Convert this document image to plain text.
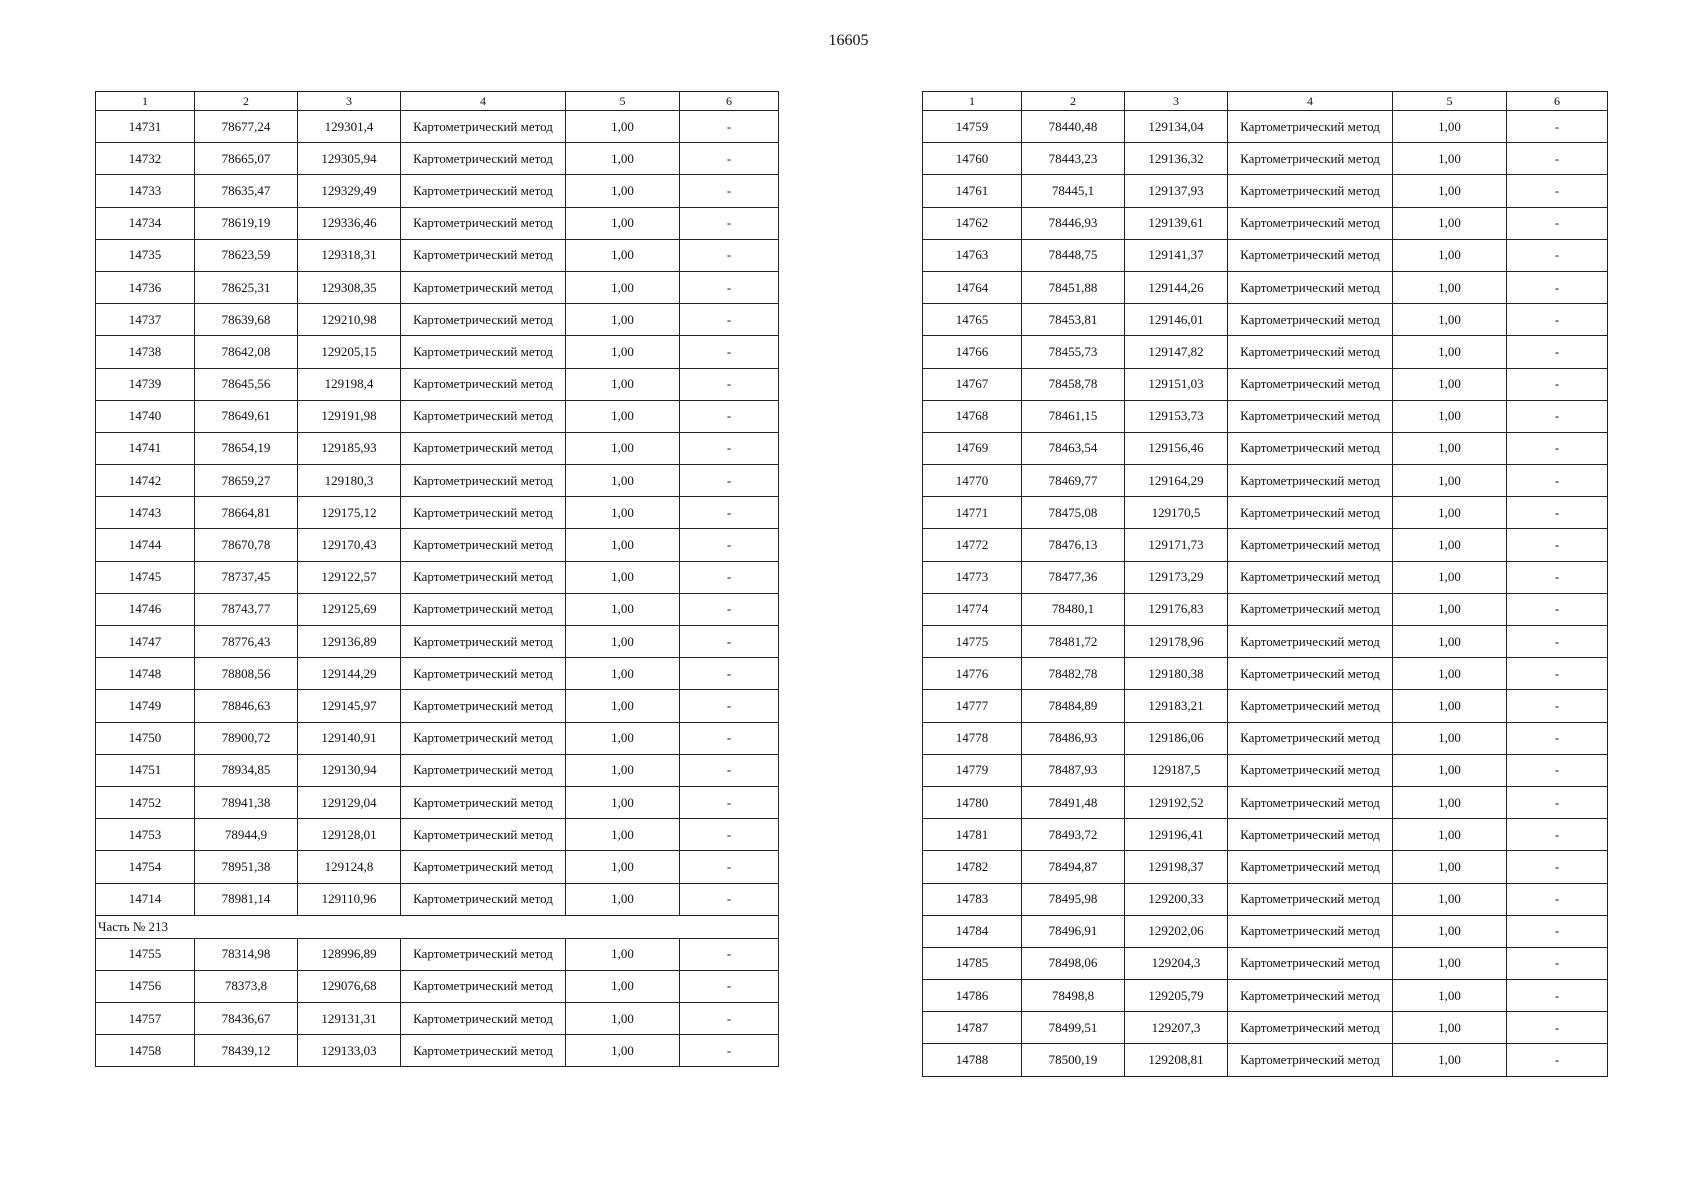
16605
1	2	3	4	5	6
14731	78677,24	129301,4	Картометрический метод	1,00	-
14732	78665,07	129305,94	Картометрический метод	1,00	-
14733	78635,47	129329,49	Картометрический метод	1,00	-
14734	78619,19	129336,46	Картометрический метод	1,00	-
14735	78623,59	129318,31	Картометрический метод	1,00	-
14736	78625,31	129308,35	Картометрический метод	1,00	-
14737	78639,68	129210,98	Картометрический метод	1,00	-
14738	78642,08	129205,15	Картометрический метод	1,00	-
14739	78645,56	129198,4	Картометрический метод	1,00	-
14740	78649,61	129191,98	Картометрический метод	1,00	-
14741	78654,19	129185,93	Картометрический метод	1,00	-
14742	78659,27	129180,3	Картометрический метод	1,00	-
14743	78664,81	129175,12	Картометрический метод	1,00	-
14744	78670,78	129170,43	Картометрический метод	1,00	-
14745	78737,45	129122,57	Картометрический метод	1,00	-
14746	78743,77	129125,69	Картометрический метод	1,00	-
14747	78776,43	129136,89	Картометрический метод	1,00	-
14748	78808,56	129144,29	Картометрический метод	1,00	-
14749	78846,63	129145,97	Картометрический метод	1,00	-
14750	78900,72	129140,91	Картометрический метод	1,00	-
14751	78934,85	129130,94	Картометрический метод	1,00	-
14752	78941,38	129129,04	Картометрический метод	1,00	-
14753	78944,9	129128,01	Картометрический метод	1,00	-
14754	78951,38	129124,8	Картометрический метод	1,00	-
14714	78981,14	129110,96	Картометрический метод	1,00	-
Часть № 213					
14755	78314,98	128996,89	Картометрический метод	1,00	-
14756	78373,8	129076,68	Картометрический метод	1,00	-
14757	78436,67	129131,31	Картометрический метод	1,00	-
14758	78439,12	129133,03	Картометрический метод	1,00	-
1	2	3	4	5	6
14759	78440,48	129134,04	Картометрический метод	1,00	-
14760	78443,23	129136,32	Картометрический метод	1,00	-
14761	78445,1	129137,93	Картометрический метод	1,00	-
14762	78446,93	129139,61	Картометрический метод	1,00	-
14763	78448,75	129141,37	Картометрический метод	1,00	-
14764	78451,88	129144,26	Картометрический метод	1,00	-
14765	78453,81	129146,01	Картометрический метод	1,00	-
14766	78455,73	129147,82	Картометрический метод	1,00	-
14767	78458,78	129151,03	Картометрический метод	1,00	-
14768	78461,15	129153,73	Картометрический метод	1,00	-
14769	78463,54	129156,46	Картометрический метод	1,00	-
14770	78469,77	129164,29	Картометрический метод	1,00	-
14771	78475,08	129170,5	Картометрический метод	1,00	-
14772	78476,13	129171,73	Картометрический метод	1,00	-
14773	78477,36	129173,29	Картометрический метод	1,00	-
14774	78480,1	129176,83	Картометрический метод	1,00	-
14775	78481,72	129178,96	Картометрический метод	1,00	-
14776	78482,78	129180,38	Картометрический метод	1,00	-
14777	78484,89	129183,21	Картометрический метод	1,00	-
14778	78486,93	129186,06	Картометрический метод	1,00	-
14779	78487,93	129187,5	Картометрический метод	1,00	-
14780	78491,48	129192,52	Картометрический метод	1,00	-
14781	78493,72	129196,41	Картометрический метод	1,00	-
14782	78494,87	129198,37	Картометрический метод	1,00	-
14783	78495,98	129200,33	Картометрический метод	1,00	-
14784	78496,91	129202,06	Картометрический метод	1,00	-
14785	78498,06	129204,3	Картометрический метод	1,00	-
14786	78498,8	129205,79	Картометрический метод	1,00	-
14787	78499,51	129207,3	Картометрический метод	1,00	-
14788	78500,19	129208,81	Картометрический метод	1,00	-
